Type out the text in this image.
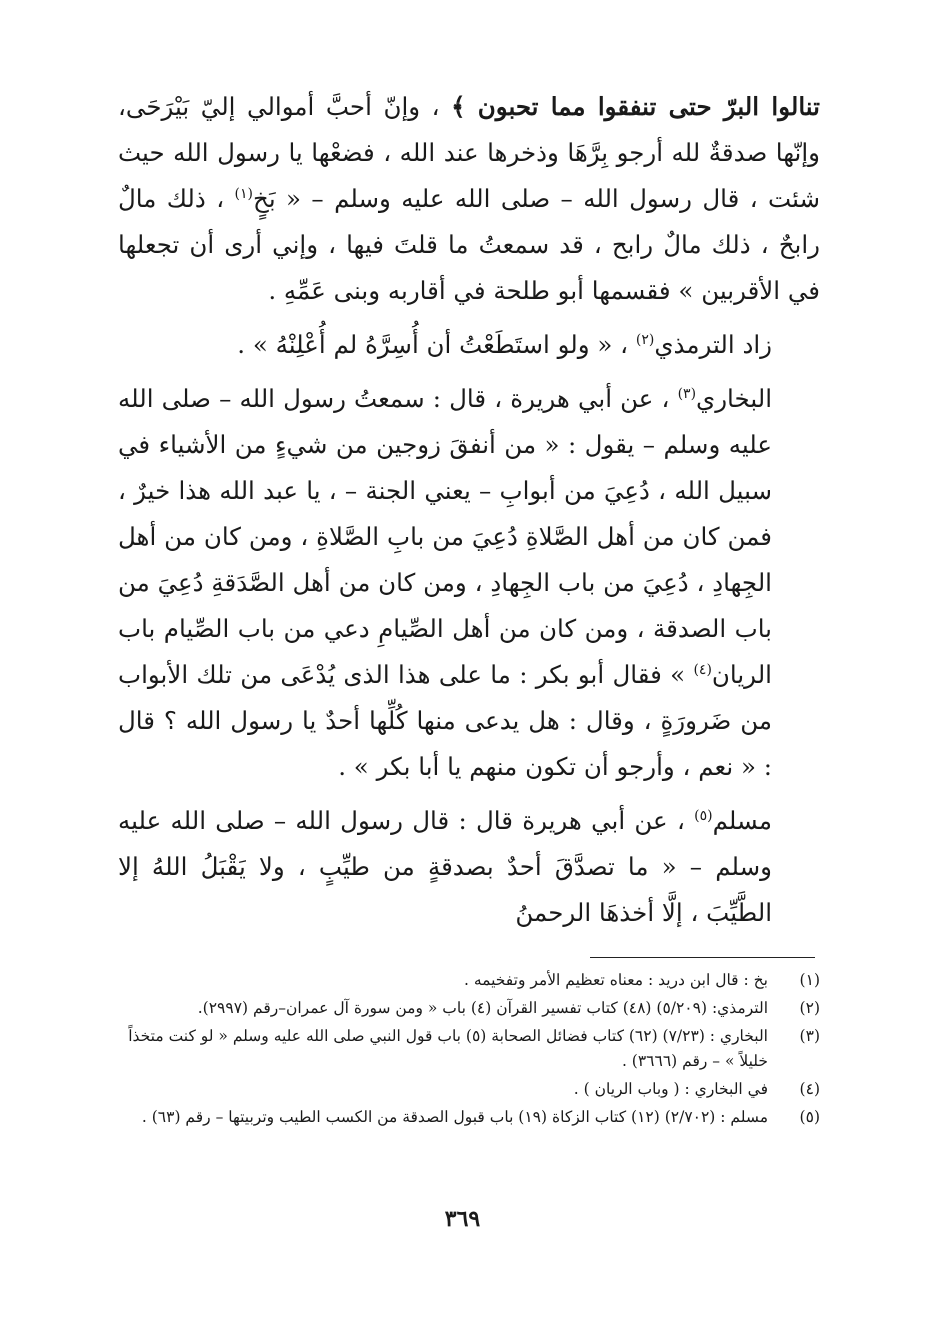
تنالوا البرّ حتى تنفقوا مما تحبون ﴾ ، وإنّ أحبَّ أموالي إليّ بَيْرَحَى، وإنّها صدقةٌ لله أرجو بِرَّهَا وذخرها عند الله ، فضعْها يا رسول الله حيث شئت ، قال رسول الله – صلى الله عليه وسلم – « بَخٍ$^{(١)}$ ، ذلك مالٌ رابحٌ ، ذلك مالٌ رابح ، قد سمعتُ ما قلتَ فيها ، وإني أرى أن تجعلها في الأقربين » فقسمها أبو طلحة في أقاربه وبنى عَمِّهِ .

زاد الترمذي$^{(٢)}$ ، « ولو استَطَعْتُ أن أُسِرَّهُ لم أُعْلِنْهُ » .

البخاري$^{(٣)}$ ، عن أبي هريرة ، قال : سمعتُ رسول الله – صلى الله عليه وسلم – يقول : « من أنفقَ زوجين من شيءٍ من الأشياء في سبيل الله ، دُعِيَ من أبوابِ – يعني الجنة – ، يا عبد الله هذا خيرٌ ، فمن كان من أهل الصَّلاةِ دُعِيَ من بابِ الصَّلاةِ ، ومن كان من أهل الجِهادِ ، دُعِيَ من باب الجِهادِ ، ومن كان من أهل الصَّدَقةِ دُعِيَ من باب الصدقة ، ومن كان من أهل الصِّيامِ دعي من باب الصِّيام باب الريان$^{(٤)}$ » فقال أبو بكر : ما على هذا الذى يُدْعَى من تلك الأبواب من ضَرورَةٍ ، وقال : هل يدعى منها كُلِّها أحدٌ يا رسول الله ؟ قال : « نعم ، وأرجو أن تكون منهم يا أبا بكر » .

مسلم$^{(٥)}$ ، عن أبي هريرة قال : قال رسول الله – صلى الله عليه وسلم – « ما تصدَّقَ أحدٌ بصدقةٍ من طيِّبٍ ، ولا يَقْبَلُ اللهُ إلا الطَّيِّبَ ، إلَّا أخذهَا الرحمنُ

(١)
بخ : قال ابن دريد : معناه تعظيم الأمر وتفخيمه .
(٢)
الترمذي: (٥/٢٠٩) (٤٨) كتاب تفسير القرآن (٤) باب « ومن سورة آل عمران–رقم (٢٩٩٧).
(٣)
البخاري : (٧/٢٣) (٦٢) كتاب فضائل الصحابة (٥) باب قول النبي صلى الله عليه وسلم « لو كنت متخذاً خليلاً » – رقم (٣٦٦٦) .
(٤)
في البخاري : ( وباب الريان ) .
(٥)
مسلم : (٢/٧٠٢) (١٢) كتاب الزكاة (١٩) باب قبول الصدقة من الكسب الطيب وتربيتها – رقم (٦٣) .
٣٦٩
